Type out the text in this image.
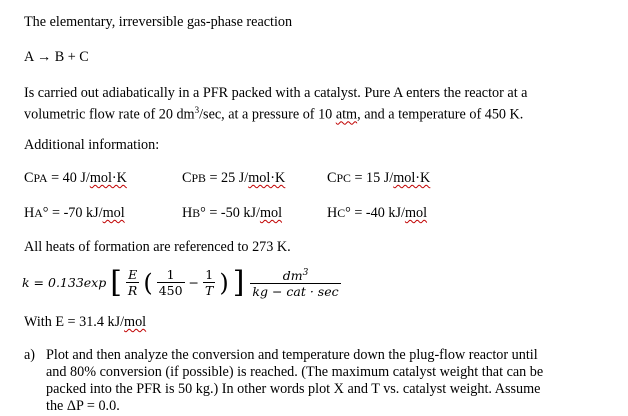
The elementary, irreversible gas-phase reaction
A → B + C
Is carried out adiabatically in a PFR packed with a catalyst. Pure A enters the reactor at a
volumetric flow rate of 20 $dm^3/\sec$, at a pressure of 10 atm, and a temperature of 450 K.
Additional information:
CPA = 40 J/mol·K	CPB = 25 J/mol·K	CPC = 15 J/mol·K
HA° = -70 kJ/mol	HB° = -50 kJ/mol	HC° = -40 kJ/mol
All heats of formation are referenced to 273 K.
k = 0.133exp [ $\frac{E}{R}$ ( $\frac{1}{450} - \frac{1}{T}$ ) ] $\frac{dm^3}{\text{kg − cat · sec}}$
With E = 31.4 kJ/mol
a) Plot and then analyze the conversion and temperature down the plug-flow reactor until
and 80% conversion (if possible) is reached. (The maximum catalyst weight that can be
packed into the PFR is 50 kg.) In other words plot X and T vs. catalyst weight. Assume
the ΔP = 0.0.
